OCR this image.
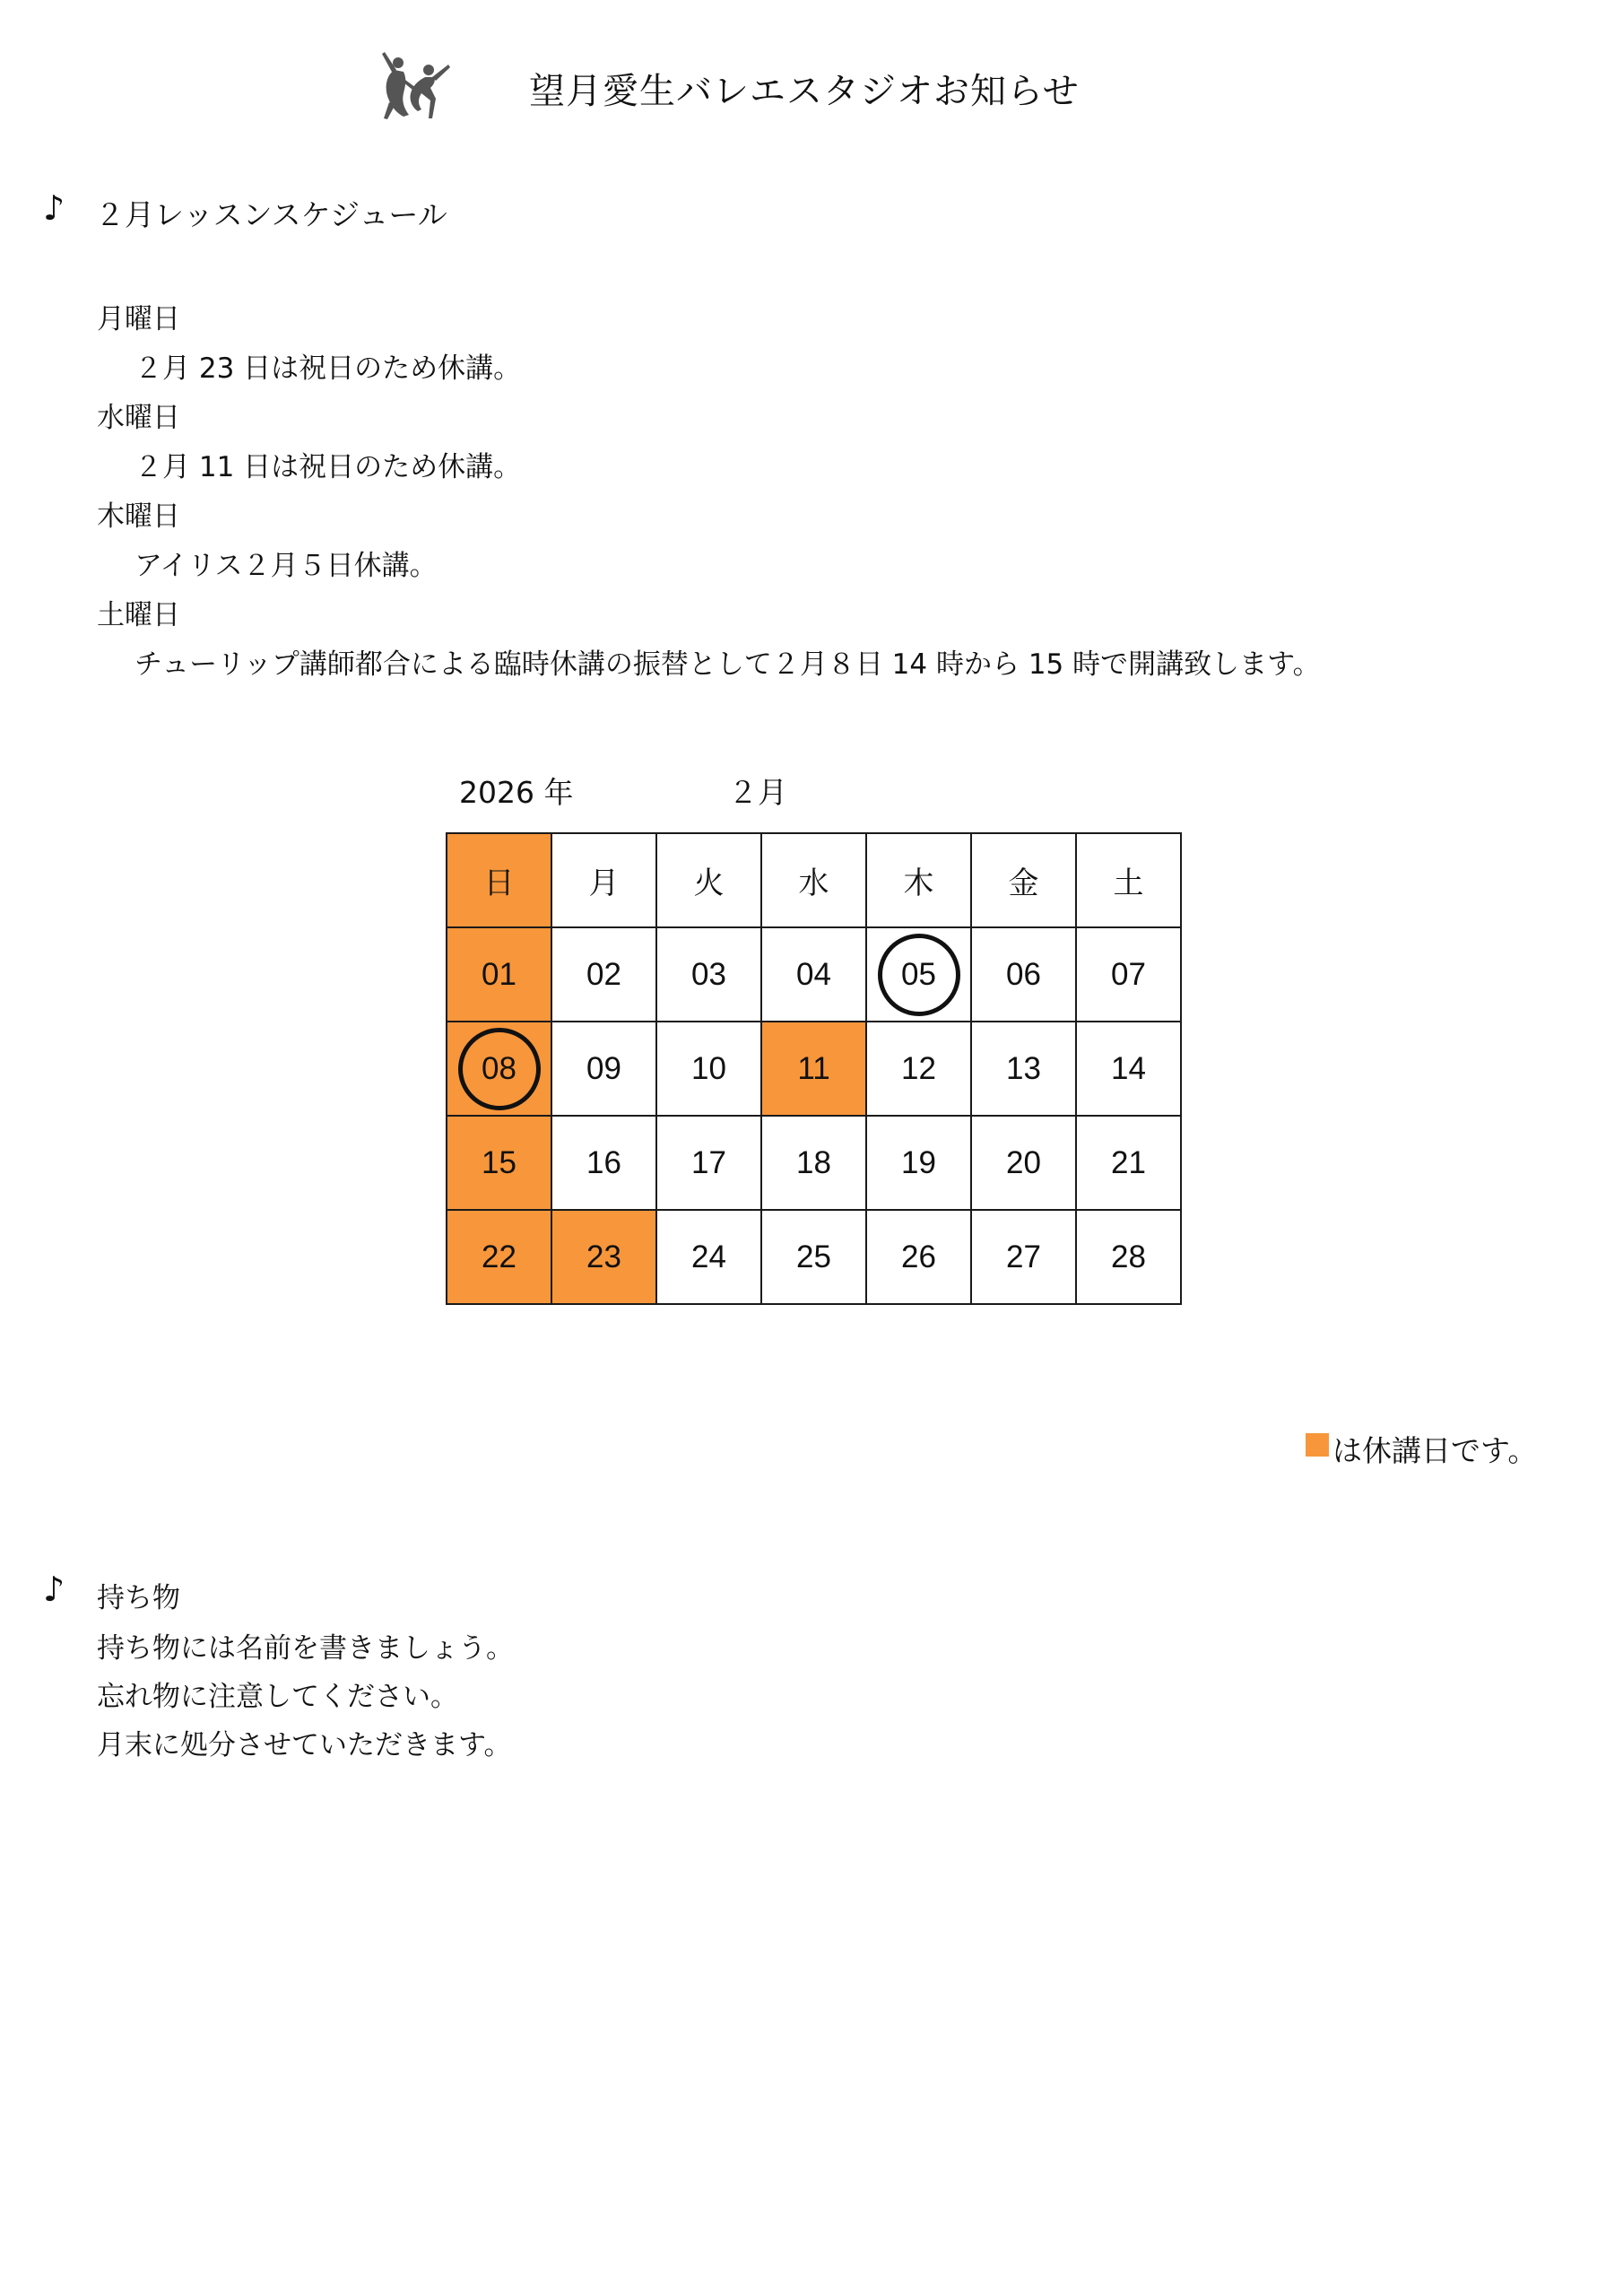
望月愛生バレエスタジオお知らせ
♪ ２月レッスンスケジュール
月曜日
２月 23 日は祝日のため休講。
水曜日
２月 11 日は祝日のため休講。
木曜日
アイリス２月５日休講。
土曜日
チューリップ講師都合による臨時休講の振替として２月８日 14 時から 15 時で開講致します。
2026 年	２月
日	月	火	水	木	金	土

01	02	03	04	05	06	07

08	09	10	11	12	13	14

15	16	17	18	19	20	21

22	23	24	25	26	27	28
は休講日です。
♪ 持ち物
持ち物には名前を書きましょう。
忘れ物に注意してください。
月末に処分させていただきます。
